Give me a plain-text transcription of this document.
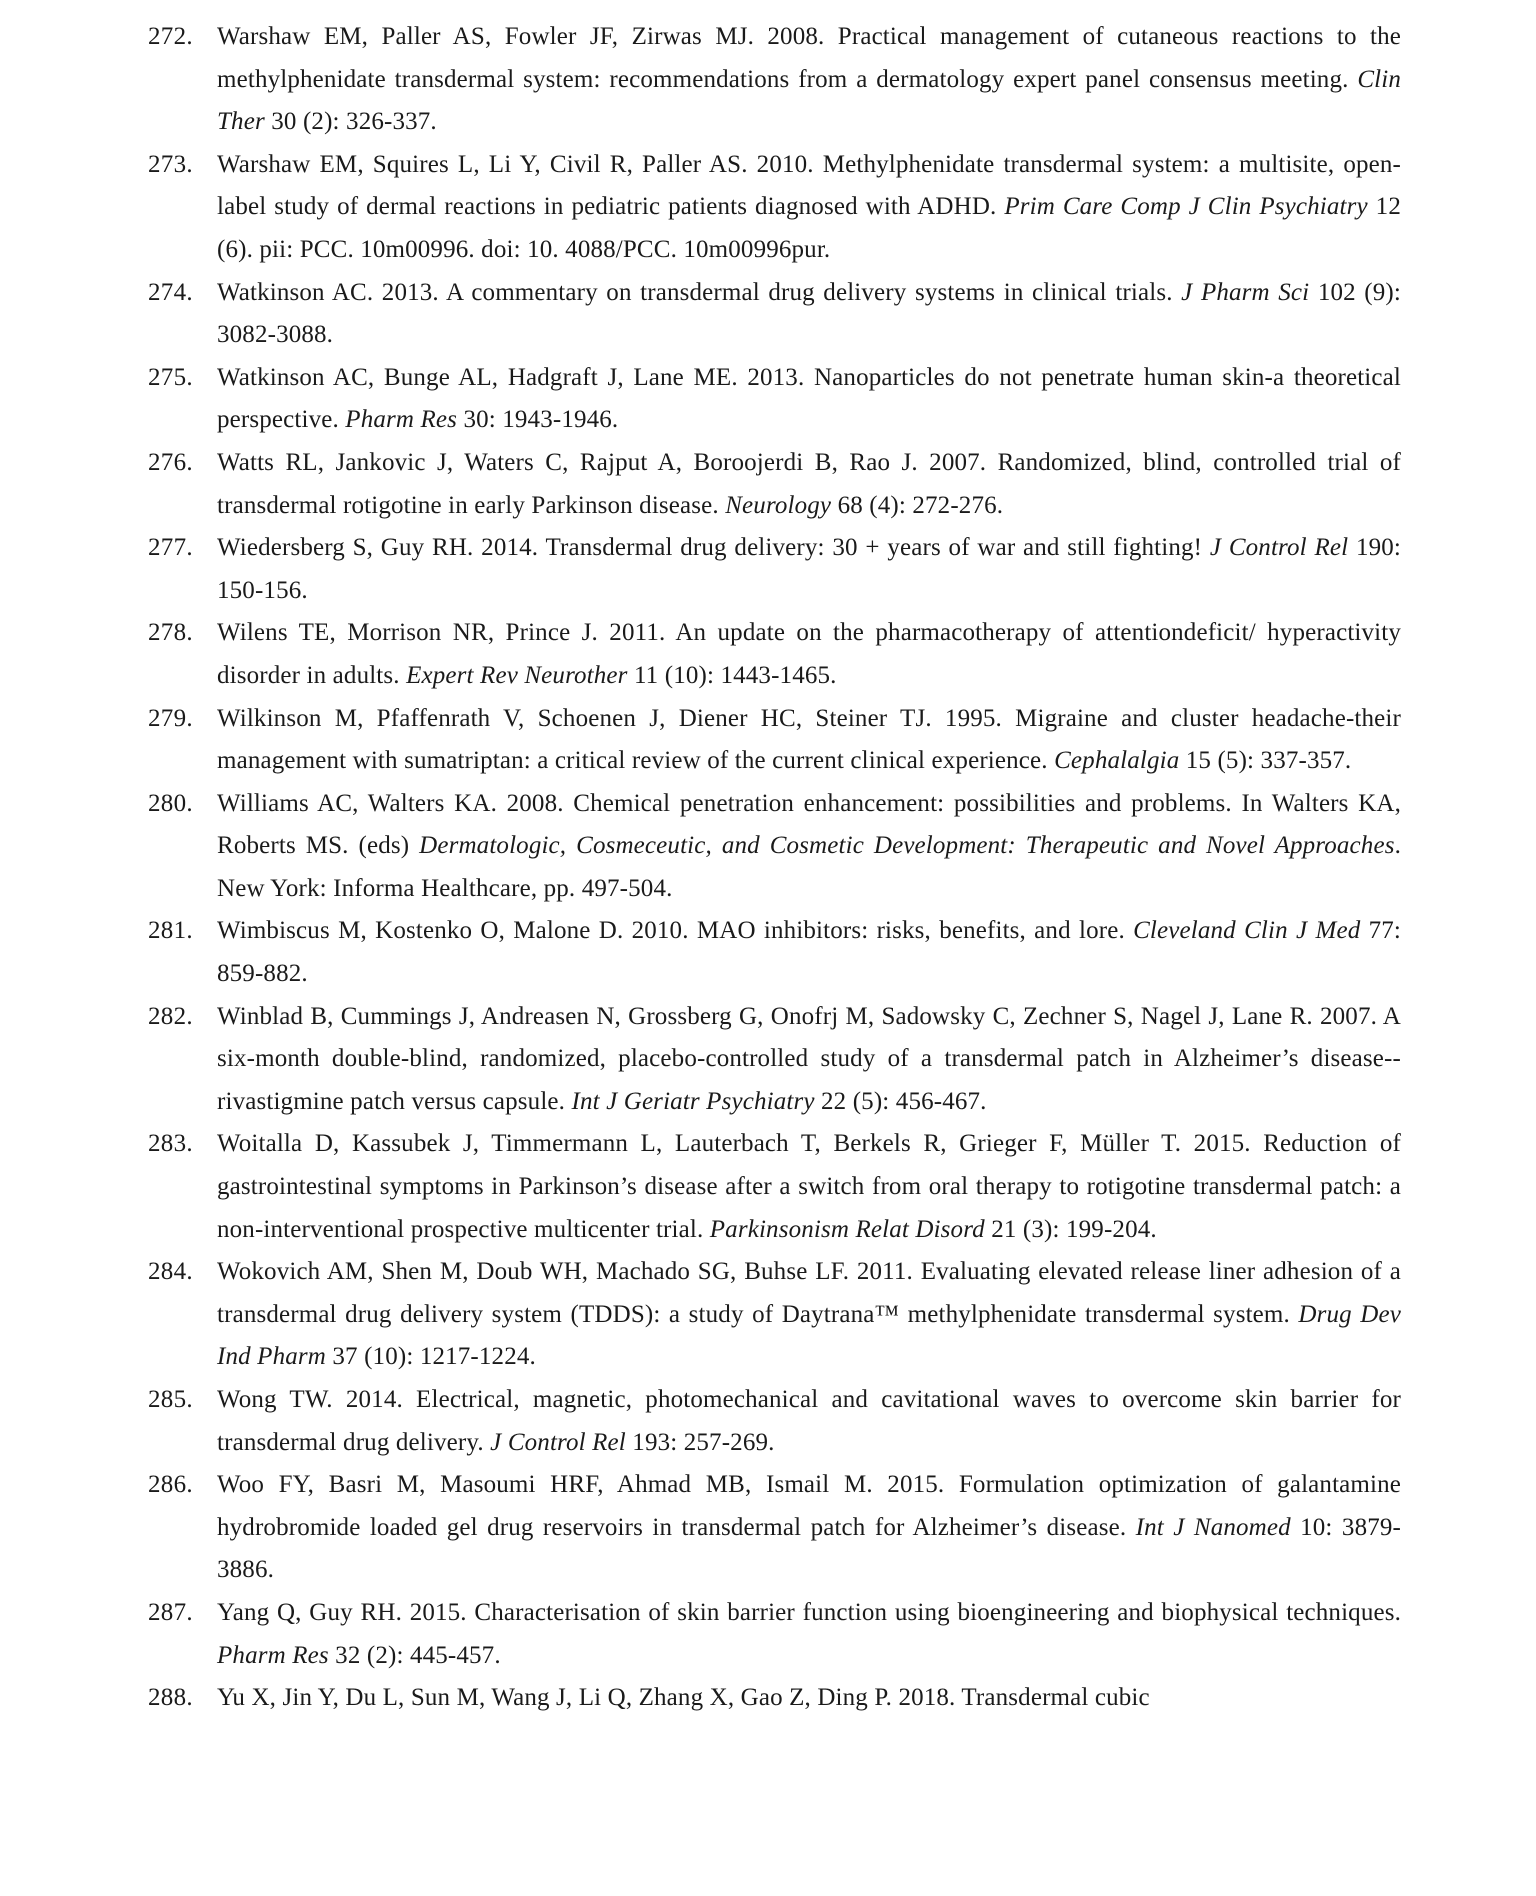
272. Warshaw EM, Paller AS, Fowler JF, Zirwas MJ. 2008. Practical management of cutaneous reactions to the methylphenidate transdermal system: recommendations from a dermatology expert panel consensus meeting. Clin Ther 30 (2): 326-337.
273. Warshaw EM, Squires L, Li Y, Civil R, Paller AS. 2010. Methylphenidate transdermal system: a multisite, open-label study of dermal reactions in pediatric patients diagnosed with ADHD. Prim Care Comp J Clin Psychiatry 12 (6). pii: PCC. 10m00996. doi: 10. 4088/PCC. 10m00996pur.
274. Watkinson AC. 2013. A commentary on transdermal drug delivery systems in clinical trials. J Pharm Sci 102 (9): 3082-3088.
275. Watkinson AC, Bunge AL, Hadgraft J, Lane ME. 2013. Nanoparticles do not penetrate human skin-a theoretical perspective. Pharm Res 30: 1943-1946.
276. Watts RL, Jankovic J, Waters C, Rajput A, Boroojerdi B, Rao J. 2007. Randomized, blind, controlled trial of transdermal rotigotine in early Parkinson disease. Neurology 68 (4): 272-276.
277. Wiedersberg S, Guy RH. 2014. Transdermal drug delivery: 30 + years of war and still fighting! J Control Rel 190: 150-156.
278. Wilens TE, Morrison NR, Prince J. 2011. An update on the pharmacotherapy of attentiondeficit/ hyperactivity disorder in adults. Expert Rev Neurother 11 (10): 1443-1465.
279. Wilkinson M, Pfaffenrath V, Schoenen J, Diener HC, Steiner TJ. 1995. Migraine and cluster headache-their management with sumatriptan: a critical review of the current clinical experience. Cephalalgia 15 (5): 337-357.
280. Williams AC, Walters KA. 2008. Chemical penetration enhancement: possibilities and problems. In Walters KA, Roberts MS. (eds) Dermatologic, Cosmeceutic, and Cosmetic Development: Therapeutic and Novel Approaches. New York: Informa Healthcare, pp. 497-504.
281. Wimbiscus M, Kostenko O, Malone D. 2010. MAO inhibitors: risks, benefits, and lore. Cleveland Clin J Med 77: 859-882.
282. Winblad B, Cummings J, Andreasen N, Grossberg G, Onofrj M, Sadowsky C, Zechner S, Nagel J, Lane R. 2007. A six-month double-blind, randomized, placebo-controlled study of a transdermal patch in Alzheimer’s disease--rivastigmine patch versus capsule. Int J Geriatr Psychiatry 22 (5): 456-467.
283. Woitalla D, Kassubek J, Timmermann L, Lauterbach T, Berkels R, Grieger F, Müller T. 2015. Reduction of gastrointestinal symptoms in Parkinson’s disease after a switch from oral therapy to rotigotine transdermal patch: a non-interventional prospective multicenter trial. Parkinsonism Relat Disord 21 (3): 199-204.
284. Wokovich AM, Shen M, Doub WH, Machado SG, Buhse LF. 2011. Evaluating elevated release liner adhesion of a transdermal drug delivery system (TDDS): a study of Daytrana™ methylphenidate transdermal system. Drug Dev Ind Pharm 37 (10): 1217-1224.
285. Wong TW. 2014. Electrical, magnetic, photomechanical and cavitational waves to overcome skin barrier for transdermal drug delivery. J Control Rel 193: 257-269.
286. Woo FY, Basri M, Masoumi HRF, Ahmad MB, Ismail M. 2015. Formulation optimization of galantamine hydrobromide loaded gel drug reservoirs in transdermal patch for Alzheimer’s disease. Int J Nanomed 10: 3879-3886.
287. Yang Q, Guy RH. 2015. Characterisation of skin barrier function using bioengineering and biophysical techniques. Pharm Res 32 (2): 445-457.
288. Yu X, Jin Y, Du L, Sun M, Wang J, Li Q, Zhang X, Gao Z, Ding P. 2018. Transdermal cubic
